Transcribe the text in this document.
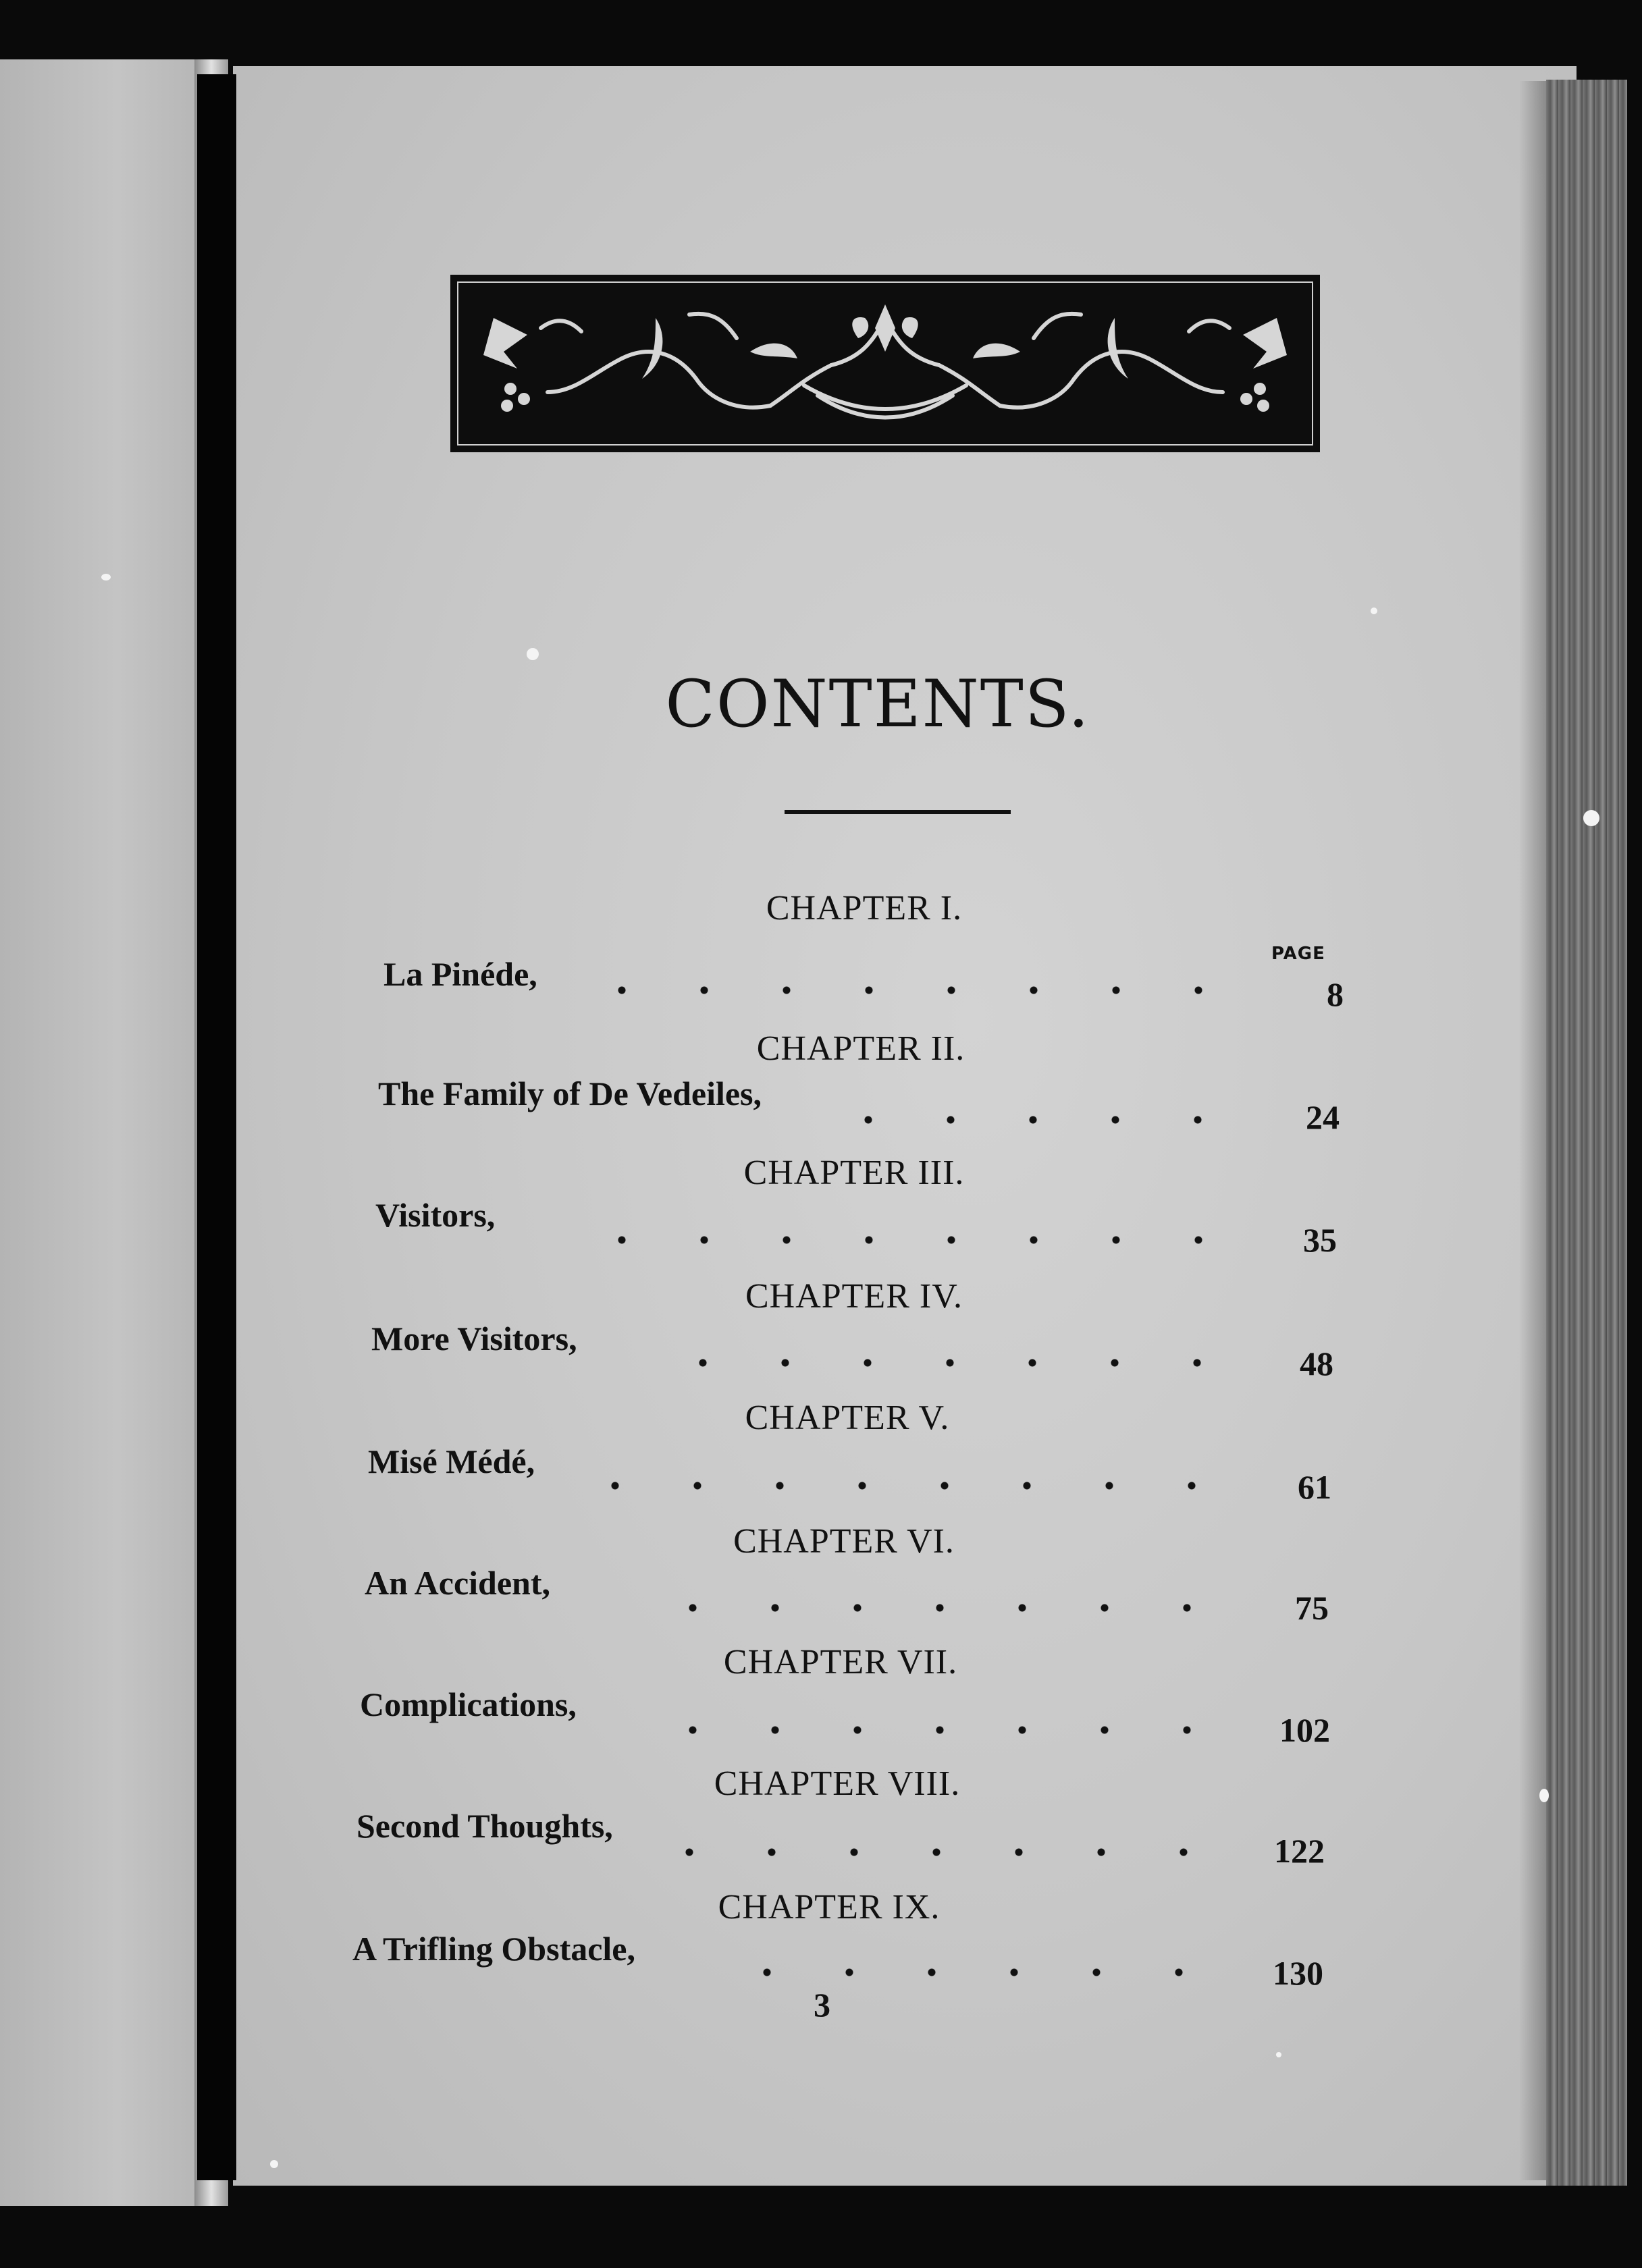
CONTENTS.
PAGE
CHAPTER I.
La Pinéde,
8
CHAPTER II.
The Family of De Vedeiles,
24
CHAPTER III.
Visitors,
35
CHAPTER IV.
More Visitors,
48
CHAPTER V.
Misé Médé,
61
CHAPTER VI.
An Accident,
75
CHAPTER VII.
Complications,
102
CHAPTER VIII.
Second Thoughts,
122
CHAPTER IX.
A Trifling Obstacle,
130
3
